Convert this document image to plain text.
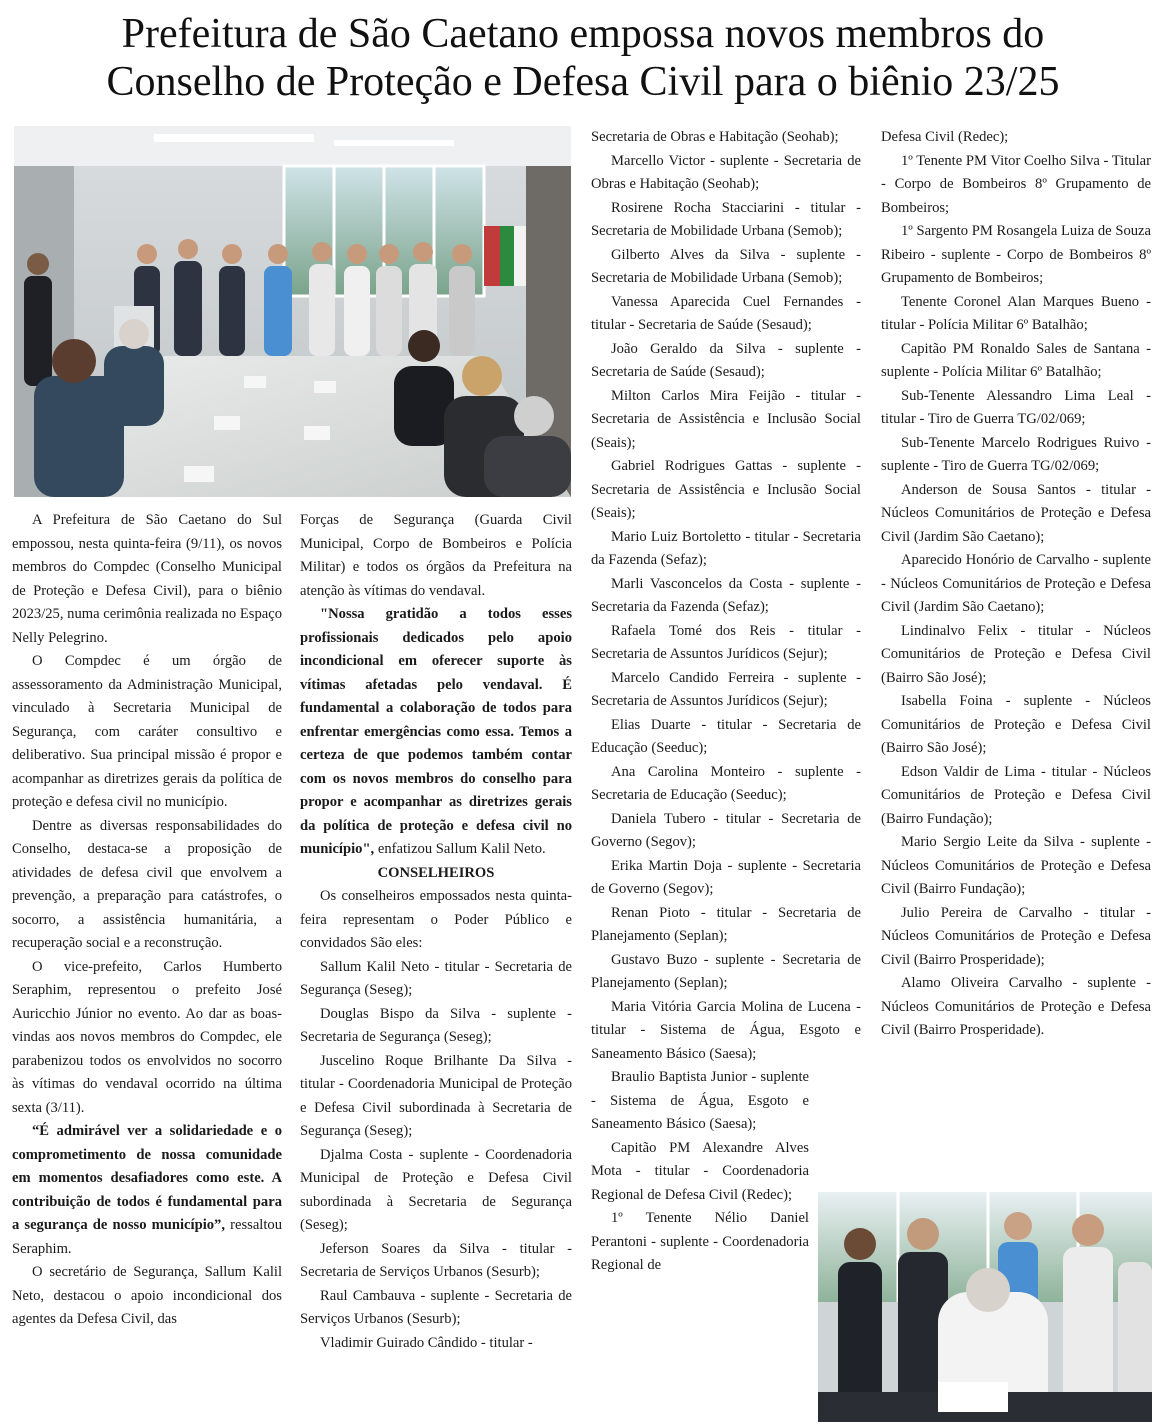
Prefeitura de São Caetano empossa novos membros do
Conselho de Proteção e Defesa Civil para o biênio 23/25

A Prefeitura de São Caetano do Sul empossou, nesta quinta-feira (9/11), os novos membros do Compdec (Conselho Municipal de Proteção e Defesa Civil), para o biênio 2023/25, numa cerimônia realizada no Espaço Nelly Pelegrino.

O Compdec é um órgão de assessoramento da Administração Municipal, vinculado à Secretaria Municipal de Segurança, com caráter consultivo e deliberativo. Sua principal missão é propor e acompanhar as diretrizes gerais da política de proteção e defesa civil no município.

Dentre as diversas responsabilidades do Conselho, destaca-se a proposição de atividades de defesa civil que envolvem a prevenção, a preparação para catástrofes, o socorro, a assistência humanitária, a recuperação social e a reconstrução.

O vice-prefeito, Carlos Humberto Seraphim, representou o prefeito José Auricchio Júnior no evento. Ao dar as boas-vindas aos novos membros do Compdec, ele parabenizou todos os envolvidos no socorro às vítimas do vendaval ocorrido na última sexta (3/11).

“É admirável ver a solidariedade e o comprometimento de nossa comunidade em momentos desafiadores como este. A contribuição de todos é fundamental para a segurança de nosso município”, ressaltou Seraphim.

O secretário de Segurança, Sallum Kalil Neto, destacou o apoio incondicional dos agentes da Defesa Civil, das

Forças de Segurança (Guarda Civil Municipal, Corpo de Bombeiros e Polícia Militar) e todos os órgãos da Prefeitura na atenção às vítimas do vendaval.

"Nossa gratidão a todos esses profissionais dedicados pelo apoio incondicional em oferecer suporte às vítimas afetadas pelo vendaval. É fundamental a colaboração de todos para enfrentar emergências como essa. Temos a certeza de que podemos também contar com os novos membros do conselho para propor e acompanhar as diretrizes gerais da política de proteção e defesa civil no município", enfatizou Sallum Kalil Neto.

CONSELHEIROS

Os conselheiros empossados nesta quinta-feira representam o Poder Público e convidados São eles:

Sallum Kalil Neto - titular - Secretaria de Segurança (Seseg);

Douglas Bispo da Silva - suplente - Secretaria de Segurança (Seseg);

Juscelino Roque Brilhante Da Silva - titular - Coordenadoria Municipal de Proteção e Defesa Civil subordinada à Secretaria de Segurança (Seseg);

Djalma Costa - suplente - Coordenadoria Municipal de Proteção e Defesa Civil subordinada à Secretaria de Segurança (Seseg);

Jeferson Soares da Silva - titular - Secretaria de Serviços Urbanos (Sesurb);

Raul Cambauva - suplente - Secretaria de Serviços Urbanos (Sesurb);

Vladimir Guirado Cândido - titular -

Secretaria de Obras e Habitação (Seohab);

Marcello Victor - suplente - Secretaria de Obras e Habitação (Seohab);

Rosirene Rocha Stacciarini - titular - Secretaria de Mobilidade Urbana (Semob);

Gilberto Alves da Silva - suplente - Secretaria de Mobilidade Urbana (Semob);

Vanessa Aparecida Cuel Fernandes - titular - Secretaria de Saúde (Sesaud);

João Geraldo da Silva - suplente - Secretaria de Saúde (Sesaud);

Milton Carlos Mira Feijão - titular - Secretaria de Assistência e Inclusão Social (Seais);

Gabriel Rodrigues Gattas - suplente - Secretaria de Assistência e Inclusão Social (Seais);

Mario Luiz Bortoletto - titular - Secretaria da Fazenda (Sefaz);

Marli Vasconcelos da Costa - suplente - Secretaria da Fazenda (Sefaz);

Rafaela Tomé dos Reis - titular - Secretaria de Assuntos Jurídicos (Sejur);

Marcelo Candido Ferreira - suplente - Secretaria de Assuntos Jurídicos (Sejur);

Elias Duarte - titular - Secretaria de Educação (Seeduc);

Ana Carolina Monteiro - suplente - Secretaria de Educação (Seeduc);

Daniela Tubero - titular - Secretaria de Governo (Segov);

Erika Martin Doja - suplente - Secretaria de Governo (Segov);

Renan Pioto - titular - Secretaria de Planejamento (Seplan);

Gustavo Buzo - suplente - Secretaria de Planejamento (Seplan);

Maria Vitória Garcia Molina de Lucena - titular - Sistema de Água, Esgoto e Saneamento Básico (Saesa);

Braulio Baptista Junior - suplente - Sistema de Água, Esgoto e Saneamento Básico (Saesa);

Capitão PM Alexandre Alves Mota - titular - Coordenadoria Regional de Defesa Civil (Redec);

1º Tenente Nélio Daniel Perantoni - suplente - Coordenadoria Regional de

Defesa Civil (Redec);

1º Tenente PM Vitor Coelho Silva - Titular - Corpo de Bombeiros 8º Grupamento de Bombeiros;

1º Sargento PM Rosangela Luiza de Souza Ribeiro - suplente - Corpo de Bombeiros 8º Grupamento de Bombeiros;

Tenente Coronel Alan Marques Bueno - titular - Polícia Militar 6º Batalhão;

Capitão PM Ronaldo Sales de Santana - suplente - Polícia Militar 6º Batalhão;

Sub-Tenente Alessandro Lima Leal - titular - Tiro de Guerra TG/02/069;

Sub-Tenente Marcelo Rodrigues Ruivo - suplente - Tiro de Guerra TG/02/069;

Anderson de Sousa Santos - titular - Núcleos Comunitários de Proteção e Defesa Civil (Jardim São Caetano);

Aparecido Honório de Carvalho - suplente - Núcleos Comunitários de Proteção e Defesa Civil (Jardim São Caetano);

Lindinalvo Felix - titular - Núcleos Comunitários de Proteção e Defesa Civil (Bairro São José);

Isabella Foina - suplente - Núcleos Comunitários de Proteção e Defesa Civil (Bairro São José);

Edson Valdir de Lima - titular - Núcleos Comunitários de Proteção e Defesa Civil (Bairro Fundação);

Mario Sergio Leite da Silva - suplente - Núcleos Comunitários de Proteção e Defesa Civil (Bairro Fundação);

Julio Pereira de Carvalho - titular - Núcleos Comunitários de Proteção e Defesa Civil (Bairro Prosperidade);

Alamo Oliveira Carvalho - suplente - Núcleos Comunitários de Proteção e Defesa Civil (Bairro Prosperidade).
